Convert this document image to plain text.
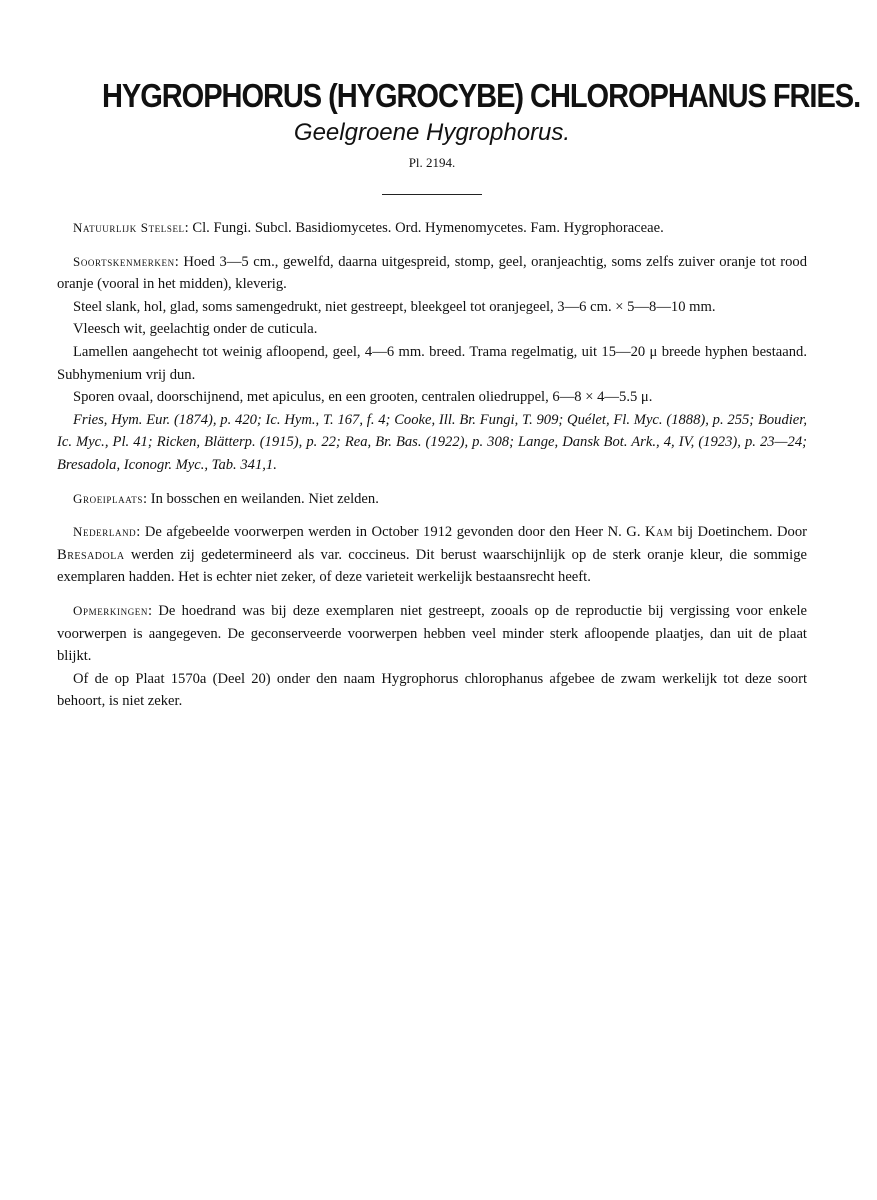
HYGROPHORUS (HYGROCYBE) CHLOROPHANUS FRIES.
Geelgroene Hygrophorus.
Pl. 2194.

Natuurlijk Stelsel: Cl. Fungi. Subcl. Basidiomycetes. Ord. Hymenomycetes. Fam. Hygrophoraceae.

Soortskenmerken: Hoed 3—5 cm., gewelfd, daarna uitgespreid, stomp, geel, oranjeachtig, soms zelfs zuiver oranje tot rood oranje (vooral in het midden), kleverig.

Steel slank, hol, glad, soms samengedrukt, niet gestreept, bleekgeel tot oranjegeel, 3—6 cm. × 5—8—10 mm.

Vleesch wit, geelachtig onder de cuticula.

Lamellen aangehecht tot weinig afloopend, geel, 4—6 mm. breed. Trama regelmatig, uit 15—20 μ breede hyphen bestaand. Subhymenium vrij dun.

Sporen ovaal, doorschijnend, met apiculus, en een grooten, centralen oliedruppel, 6—8 × 4—5.5 μ.

Fries, Hym. Eur. (1874), p. 420; Ic. Hym., T. 167, f. 4; Cooke, Ill. Br. Fungi, T. 909; Quélet, Fl. Myc. (1888), p. 255; Boudier, Ic. Myc., Pl. 41; Ricken, Blätterp. (1915), p. 22; Rea, Br. Bas. (1922), p. 308; Lange, Dansk Bot. Ark., 4, IV, (1923), p. 23—24; Bresadola, Iconogr. Myc., Tab. 341,1.

Groeiplaats: In bosschen en weilanden. Niet zelden.

Nederland: De afgebeelde voorwerpen werden in October 1912 gevonden door den Heer N. G. Kam bij Doetinchem. Door Bresadola werden zij gedetermineerd als var. coccineus. Dit berust waarschijnlijk op de sterk oranje kleur, die sommige exemplaren hadden. Het is echter niet zeker, of deze varieteit werkelijk bestaansrecht heeft.

Opmerkingen: De hoedrand was bij deze exemplaren niet gestreept, zooals op de reproductie bij vergissing voor enkele voorwerpen is aangegeven. De geconserveerde voorwerpen hebben veel minder sterk afloopende plaatjes, dan uit de plaat blijkt.

Of de op Plaat 1570a (Deel 20) onder den naam Hygrophorus chlorophanus afgebee de zwam werkelijk tot deze soort behoort, is niet zeker.
